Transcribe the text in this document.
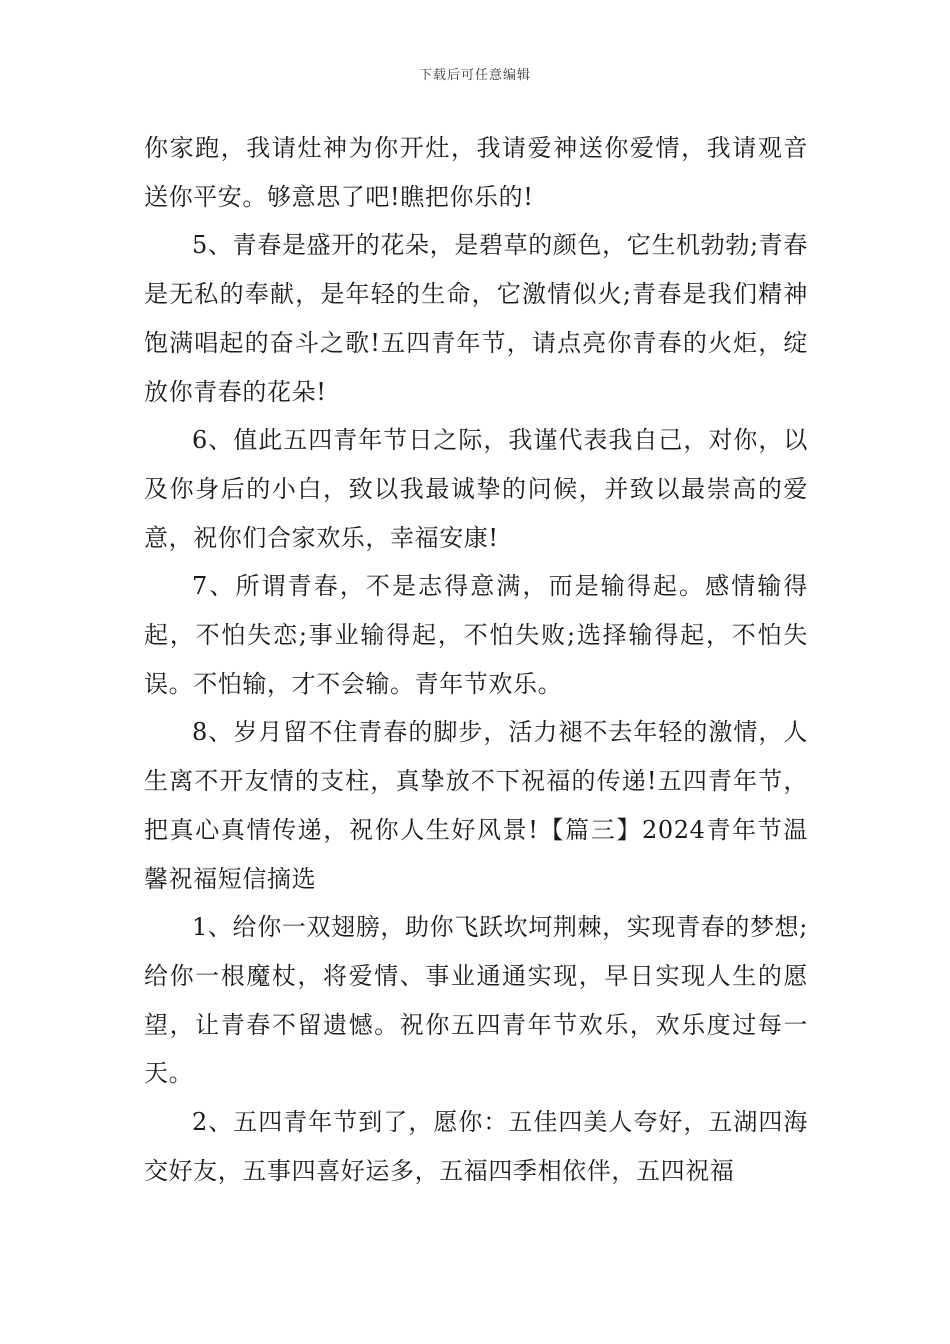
下载后可任意编辑

你家跑，我请灶神为你开灶，我请爱神送你爱情，我请观音送你平安。够意思了吧!瞧把你乐的!

5、青春是盛开的花朵，是碧草的颜色，它生机勃勃;青春是无私的奉献，是年轻的生命，它激情似火;青春是我们精神饱满唱起的奋斗之歌!五四青年节，请点亮你青春的火炬，绽放你青春的花朵!

6、值此五四青年节日之际，我谨代表我自己，对你，以及你身后的小白，致以我最诚挚的问候，并致以最崇高的爱意，祝你们合家欢乐，幸福安康!

7、所谓青春，不是志得意满，而是输得起。感情输得起，不怕失恋;事业输得起，不怕失败;选择输得起，不怕失误。不怕输，才不会输。青年节欢乐。

8、岁月留不住青春的脚步，活力褪不去年轻的激情，人生离不开友情的支柱，真挚放不下祝福的传递!五四青年节，把真心真情传递，祝你人生好风景!【篇三】2024青年节温馨祝福短信摘选

1、给你一双翅膀，助你飞跃坎坷荆棘，实现青春的梦想;给你一根魔杖，将爱情、事业通通实现，早日实现人生的愿望，让青春不留遗憾。祝你五四青年节欢乐，欢乐度过每一天。

2、五四青年节到了，愿你：五佳四美人夸好，五湖四海交好友，五事四喜好运多，五福四季相依伴，五四祝福
